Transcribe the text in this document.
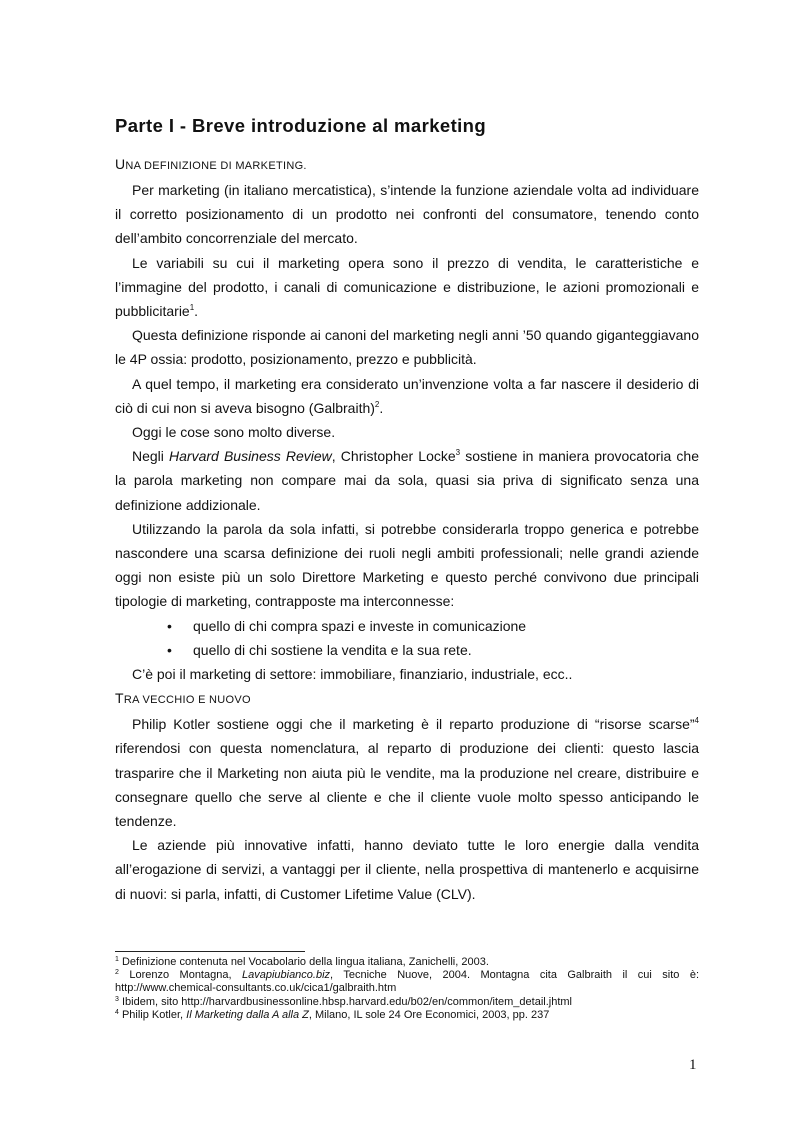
Parte I - Breve introduzione al marketing
UNA DEFINIZIONE DI MARKETING.

Per marketing (in italiano mercatistica), s’intende la funzione aziendale volta ad individuare il corretto posizionamento di un prodotto nei confronti del consumatore, tenendo conto dell’ambito concorrenziale del mercato.

Le variabili su cui il marketing opera sono il prezzo di vendita, le caratteristiche e l’immagine del prodotto, i canali di comunicazione e distribuzione, le azioni promozionali e pubblicitarie$^1$.

Questa definizione risponde ai canoni del marketing negli anni ’50 quando giganteggiavano le 4P ossia: prodotto, posizionamento, prezzo e pubblicità.

A quel tempo, il marketing era considerato un’invenzione volta a far nascere il desiderio di ciò di cui non si aveva bisogno (Galbraith)$^2$.

Oggi le cose sono molto diverse.

Negli Harvard Business Review, Christopher Locke$^3$ sostiene in maniera provocatoria che la parola marketing non compare mai da sola, quasi sia priva di significato senza una definizione addizionale.

Utilizzando la parola da sola infatti, si potrebbe considerarla troppo generica e potrebbe nascondere una scarsa definizione dei ruoli negli ambiti professionali; nelle grandi aziende oggi non esiste più un solo Direttore Marketing e questo perché convivono due principali tipologie di marketing, contrapposte ma interconnesse:

• quello di chi compra spazi e investe in comunicazione
• quello di chi sostiene la vendita e la sua rete.

C’è poi il marketing di settore: immobiliare, finanziario, industriale, ecc..

TRA VECCHIO E NUOVO

Philip Kotler sostiene oggi che il marketing è il reparto produzione di “risorse scarse”$^4$ riferendosi con questa nomenclatura, al reparto di produzione dei clienti: questo lascia trasparire che il Marketing non aiuta più le vendite, ma la produzione nel creare, distribuire e consegnare quello che serve al cliente e che il cliente vuole molto spesso anticipando le tendenze.

Le aziende più innovative infatti, hanno deviato tutte le loro energie dalla vendita all’erogazione di servizi, a vantaggi per il cliente, nella prospettiva di mantenerlo e acquisirne di nuovi: si parla, infatti, di Customer Lifetime Value (CLV).

$^1$ Definizione contenuta nel Vocabolario della lingua italiana, Zanichelli, 2003.
$^2$ Lorenzo Montagna, Lavapiubianco.biz, Tecniche Nuove, 2004. Montagna cita Galbraith il cui sito è: http://www.chemical-consultants.co.uk/cica1/galbraith.htm
$^3$ Ibidem, sito http://harvardbusinessonline.hbsp.harvard.edu/b02/en/common/item_detail.jhtml
$^4$ Philip Kotler, Il Marketing dalla A alla Z, Milano, IL sole 24 Ore Economici, 2003, pp. 237
1
